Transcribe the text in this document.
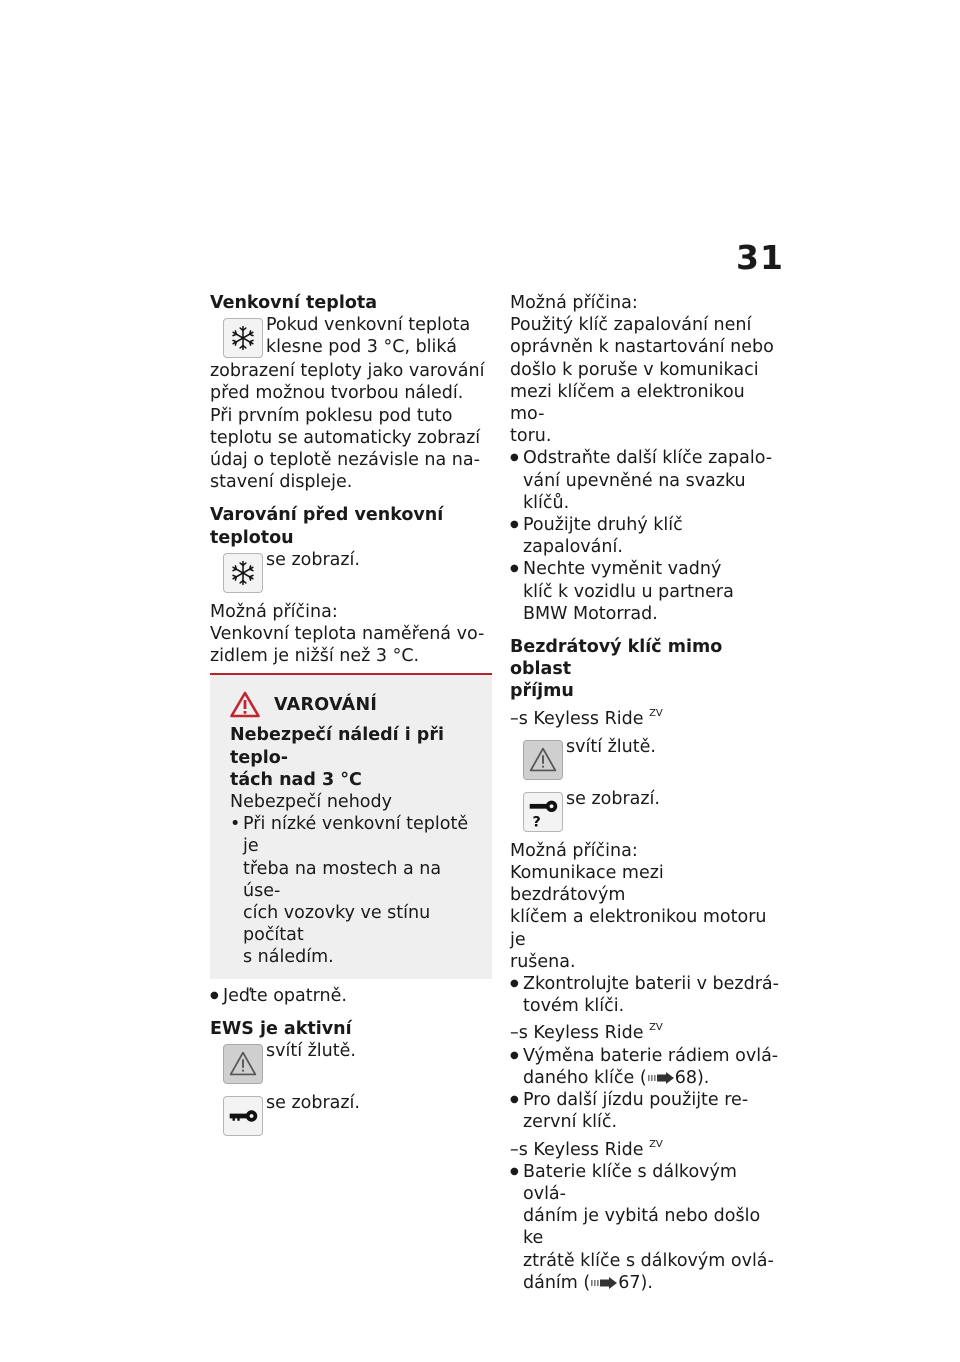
31

Venkovní teplota

Pokud venkovní teplota

klesne pod 3 °C, bliká

zobrazení teploty jako varování

před možnou tvorbou náledí.

Při prvním poklesu pod tuto

teplotu se automaticky zobrazí

údaj o teplotě nezávisle na na-

stavení displeje.

Varování před venkovní

teplotou

se zobrazí.

Možná příčina:

Venkovní teplota naměřená vo-

zidlem je nižší než 3 °C.

VAROVÁNÍ

Nebezpečí náledí i při teplo-

tách nad 3 °C

Nebezpečí nehody

• Při nízké venkovní teplotě je

třeba na mostech a na úse-

cích vozovky ve stínu počítat

s náledím.

● Jeďte opatrně.

EWS je aktivní

svítí žlutě.

se zobrazí.

Možná příčina:

Použitý klíč zapalování není

oprávněn k nastartování nebo

došlo k poruše v komunikaci

mezi klíčem a elektronikou mo-

toru.

● Odstraňte další klíče zapalo-

vání upevněné na svazku klíčů.

● Použijte druhý klíč zapalování.

● Nechte vyměnit vadný

klíč k vozidlu u partnera

BMW Motorrad.

Bezdrátový klíč mimo oblast

příjmu

–s Keyless Ride $^{ZV}$

svítí žlutě.

?

se zobrazí.

Možná příčina:

Komunikace mezi bezdrátovým

klíčem a elektronikou motoru je

rušena.

● Zkontrolujte baterii v bezdrá-

tovém klíči.

–s Keyless Ride $^{ZV}$

● Výměna baterie rádiem ovlá-

daného klíče ( 68).

● Pro další jízdu použijte re-

zervní klíč.

–s Keyless Ride $^{ZV}$

● Baterie klíče s dálkovým ovlá-

dáním je vybitá nebo došlo ke

ztrátě klíče s dálkovým ovlá-

dáním ( 67).
